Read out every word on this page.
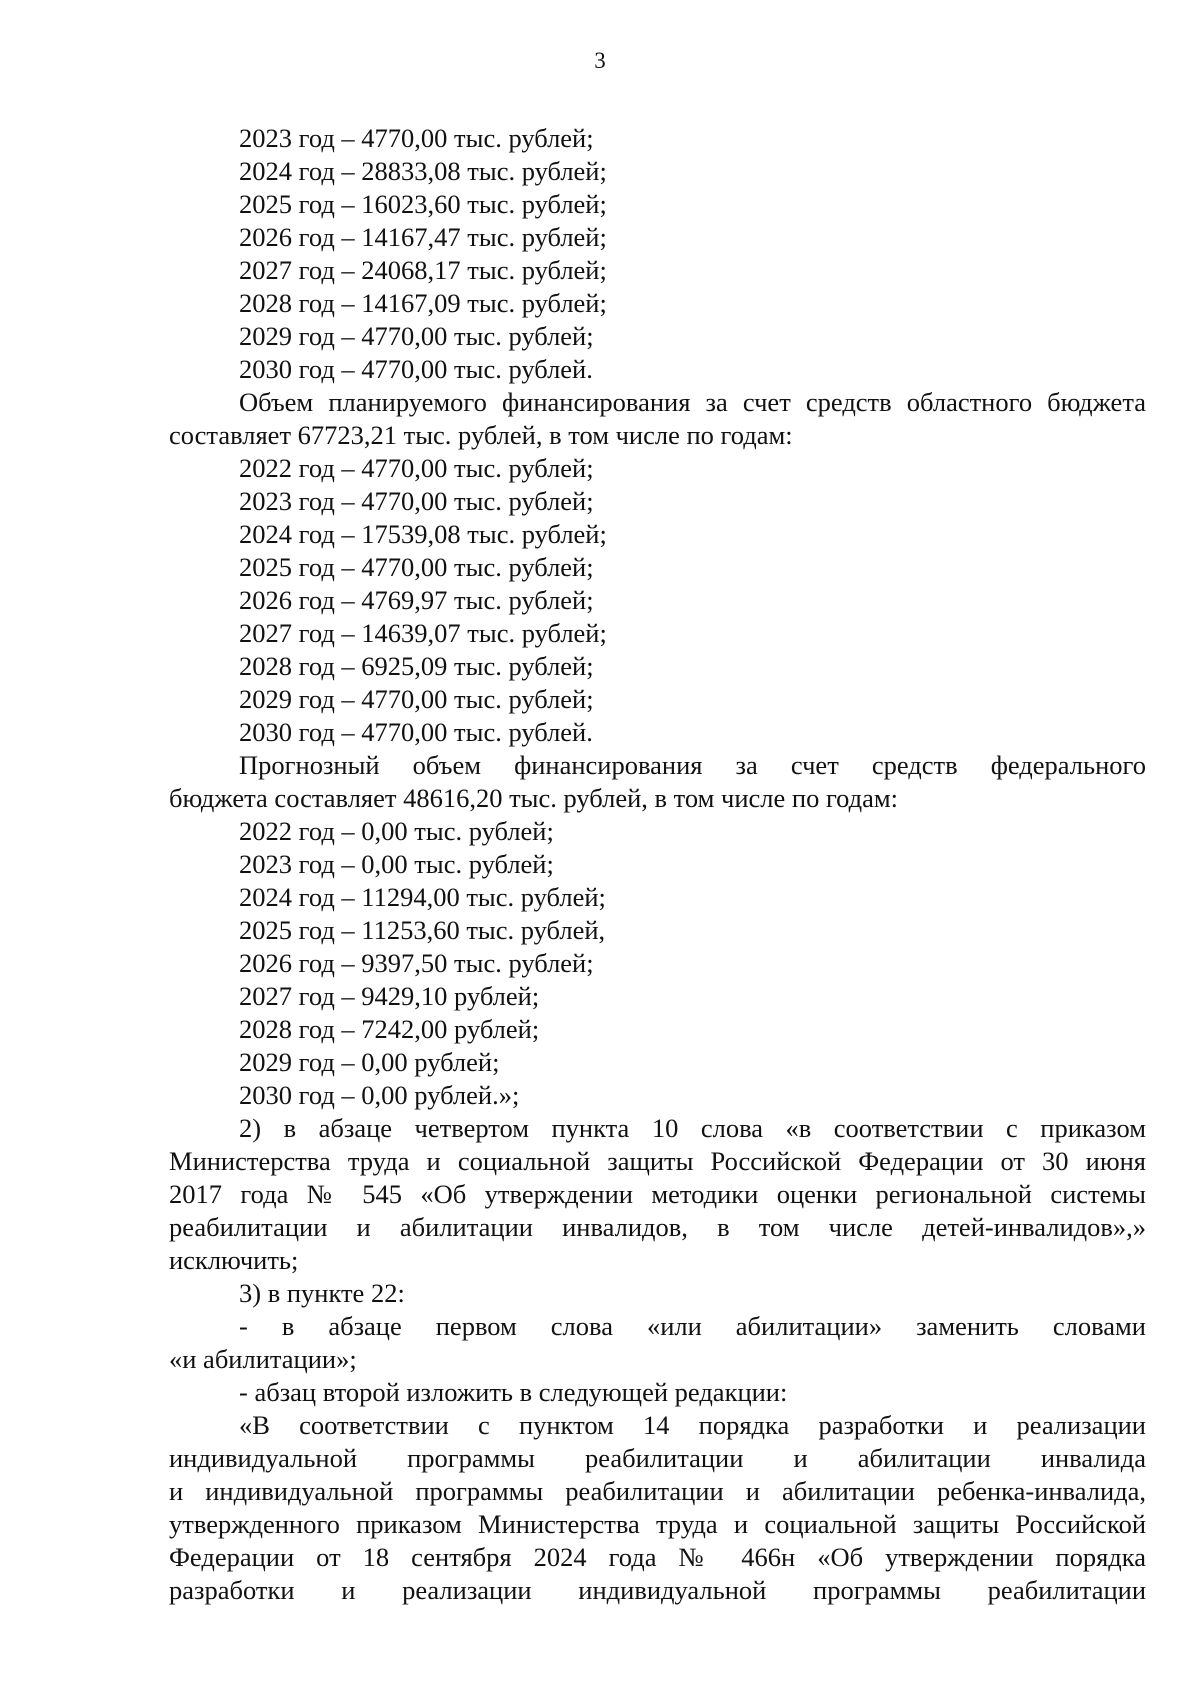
3
2023 год – 4770,00 тыс. рублей;
2024 год – 28833,08 тыс. рублей;
2025 год – 16023,60 тыс. рублей;
2026 год – 14167,47 тыс. рублей;
2027 год – 24068,17 тыс. рублей;
2028 год – 14167,09 тыс. рублей;
2029 год – 4770,00 тыс. рублей;
2030 год – 4770,00 тыс. рублей.
Объем планируемого финансирования за счет средств областного бюджета
составляет 67723,21 тыс. рублей, в том числе по годам:
2022 год – 4770,00 тыс. рублей;
2023 год – 4770,00 тыс. рублей;
2024 год – 17539,08 тыс. рублей;
2025 год – 4770,00 тыс. рублей;
2026 год – 4769,97 тыс. рублей;
2027 год – 14639,07 тыс. рублей;
2028 год – 6925,09 тыс. рублей;
2029 год – 4770,00 тыс. рублей;
2030 год – 4770,00 тыс. рублей.
Прогнозный объем финансирования за счет средств федерального
бюджета составляет 48616,20 тыс. рублей, в том числе по годам:
2022 год – 0,00 тыс. рублей;
2023 год – 0,00 тыс. рублей;
2024 год – 11294,00 тыс. рублей;
2025 год – 11253,60 тыс. рублей,
2026 год – 9397,50 тыс. рублей;
2027 год – 9429,10 рублей;
2028 год – 7242,00 рублей;
2029 год – 0,00 рублей;
2030 год – 0,00 рублей.»;
2) в абзаце четвертом пункта 10 слова «в соответствии с приказом
Министерства труда и социальной защиты Российской Федерации от 30 июня
2017 года № 545 «Об утверждении методики оценки региональной системы
реабилитации и абилитации инвалидов, в том числе детей-инвалидов»,»
исключить;
3) в пункте 22:
- в абзаце первом слова «или абилитации» заменить словами
«и абилитации»;
- абзац второй изложить в следующей редакции:
«В соответствии с пунктом 14 порядка разработки и реализации
индивидуальной программы реабилитации и абилитации инвалида
и индивидуальной программы реабилитации и абилитации ребенка-инвалида,
утвержденного приказом Министерства труда и социальной защиты Российской
Федерации от 18 сентября 2024 года № 466н «Об утверждении порядка
разработки и реализации индивидуальной программы реабилитации
